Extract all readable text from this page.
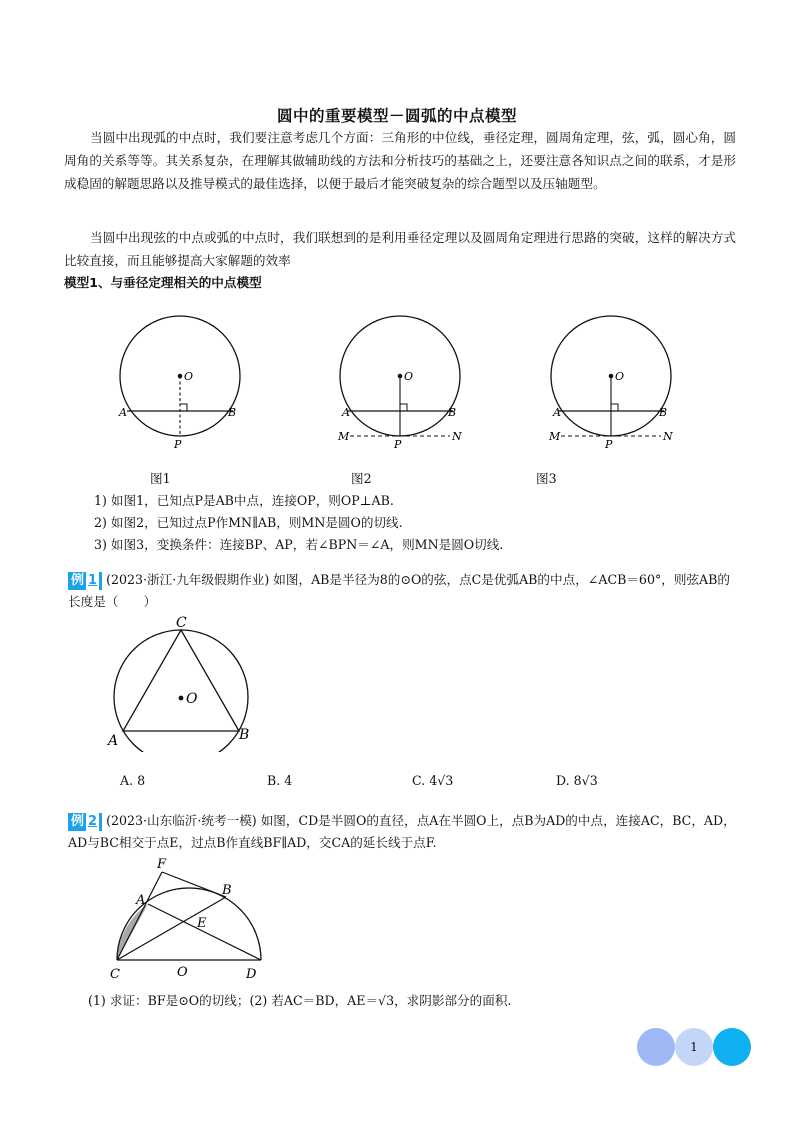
圆中的重要模型－圆弧的中点模型
当圆中出现弧的中点时，我们要注意考虑几个方面：三角形的中位线，垂径定理，圆周角定理，弦，弧，圆心角，圆周角的关系等等。其关系复杂，在理解其做辅助线的方法和分析技巧的基础之上，还要注意各知识点之间的联系，才是形成稳固的解题思路以及推导模式的最佳选择，以便于最后才能突破复杂的综合题型以及压轴题型。
当圆中出现弦的中点或弧的中点时，我们联想到的是利用垂径定理以及圆周角定理进行思路的突破，这样的解决方式比较直接，而且能够提高大家解题的效率
模型1、与垂径定理相关的中点模型
O
A	B
P
O
A	B
M	N
P
O
A	B
M	N
P
图1	图2	图3
1) 如图1，已知点P是AB中点，连接OP，则OP⊥AB.
2) 如图2，已知过点P作MN∥AB，则MN是圆O的切线.
3) 如图3，变换条件：连接BP、AP，若∠BPN＝∠A，则MN是圆O切线.
例 1 (2023·浙江·九年级假期作业) 如图，AB是半径为8的⊙O的弦，点C是优弧AB的中点，∠ACB＝60°，则弦AB的长度是（　　）
C
O
A	B
A. 8	B. 4	C. 4√3	D. 8√3
例 2 (2023·山东临沂·统考一模) 如图，CD是半圆O的直径，点A在半圆O上，点B为AD的中点，连接AC，BC，AD，AD与BC相交于点E，过点B作直线BF∥AD，交CA的延长线于点F.
F
A
B
E
C	O	D
(1) 求证：BF是⊙O的切线；(2) 若AC＝BD，AE＝√3，求阴影部分的面积.
1
